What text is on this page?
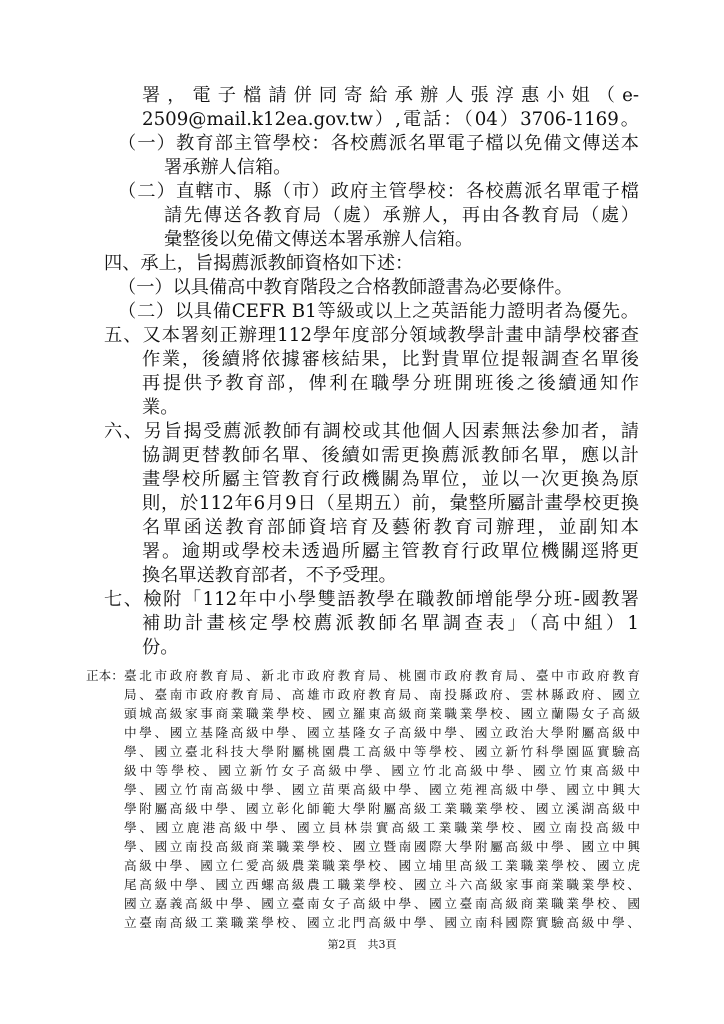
署，電子檔請併同寄給承辦人張淳惠小姐（e-
2509@mail.k12ea.gov.tw）,電話：（04）3706-1169。
（一）教育部主管學校：各校薦派名單電子檔以免備文傳送本
署承辦人信箱。
（二）直轄市、縣（市）政府主管學校：各校薦派名單電子檔
請先傳送各教育局（處）承辦人，再由各教育局（處）
彙整後以免備文傳送本署承辦人信箱。
四、承上，旨揭薦派教師資格如下述：
（一）以具備高中教育階段之合格教師證書為必要條件。
（二）以具備CEFR B1等級或以上之英語能力證明者為優先。
五、又本署刻正辦理112學年度部分領域教學計畫申請學校審查
作業，後續將依據審核結果，比對貴單位提報調查名單後
再提供予教育部，俾利在職學分班開班後之後續通知作
業。
六、另旨揭受薦派教師有調校或其他個人因素無法參加者，請
協調更替教師名單、後續如需更換薦派教師名單，應以計
畫學校所屬主管教育行政機關為單位，並以一次更換為原
則，於112年6月9日（星期五）前，彙整所屬計畫學校更換
名單函送教育部師資培育及藝術教育司辦理，並副知本
署。逾期或學校未透過所屬主管教育行政單位機關逕將更
換名單送教育部者，不予受理。
七、檢附「112年中小學雙語教學在職教師增能學分班-國教署
補助計畫核定學校薦派教師名單調查表」（高中組）1
份。
正本： 臺北市政府教育局、新北市政府教育局、桃園市政府教育局、臺中市政府教育
局、臺南市政府教育局、高雄市政府教育局、南投縣政府、雲林縣政府、國立
頭城高級家事商業職業學校、國立羅東高級商業職業學校、國立蘭陽女子高級
中學、國立基隆高級中學、國立基隆女子高級中學、國立政治大學附屬高級中
學、國立臺北科技大學附屬桃園農工高級中等學校、國立新竹科學園區實驗高
級中等學校、國立新竹女子高級中學、國立竹北高級中學、國立竹東高級中
學、國立竹南高級中學、國立苗栗高級中學、國立苑裡高級中學、國立中興大
學附屬高級中學、國立彰化師範大學附屬高級工業職業學校、國立溪湖高級中
學、國立鹿港高級中學、國立員林崇實高級工業職業學校、國立南投高級中
學、國立南投高級商業職業學校、國立暨南國際大學附屬高級中學、國立中興
高級中學、國立仁愛高級農業職業學校、國立埔里高級工業職業學校、國立虎
尾高級中學、國立西螺高級農工職業學校、國立斗六高級家事商業職業學校、
國立嘉義高級中學、國立臺南女子高級中學、國立臺南高級商業職業學校、國
立臺南高級工業職業學校、國立北門高級中學、國立南科國際實驗高級中學、
第2頁　共3頁
